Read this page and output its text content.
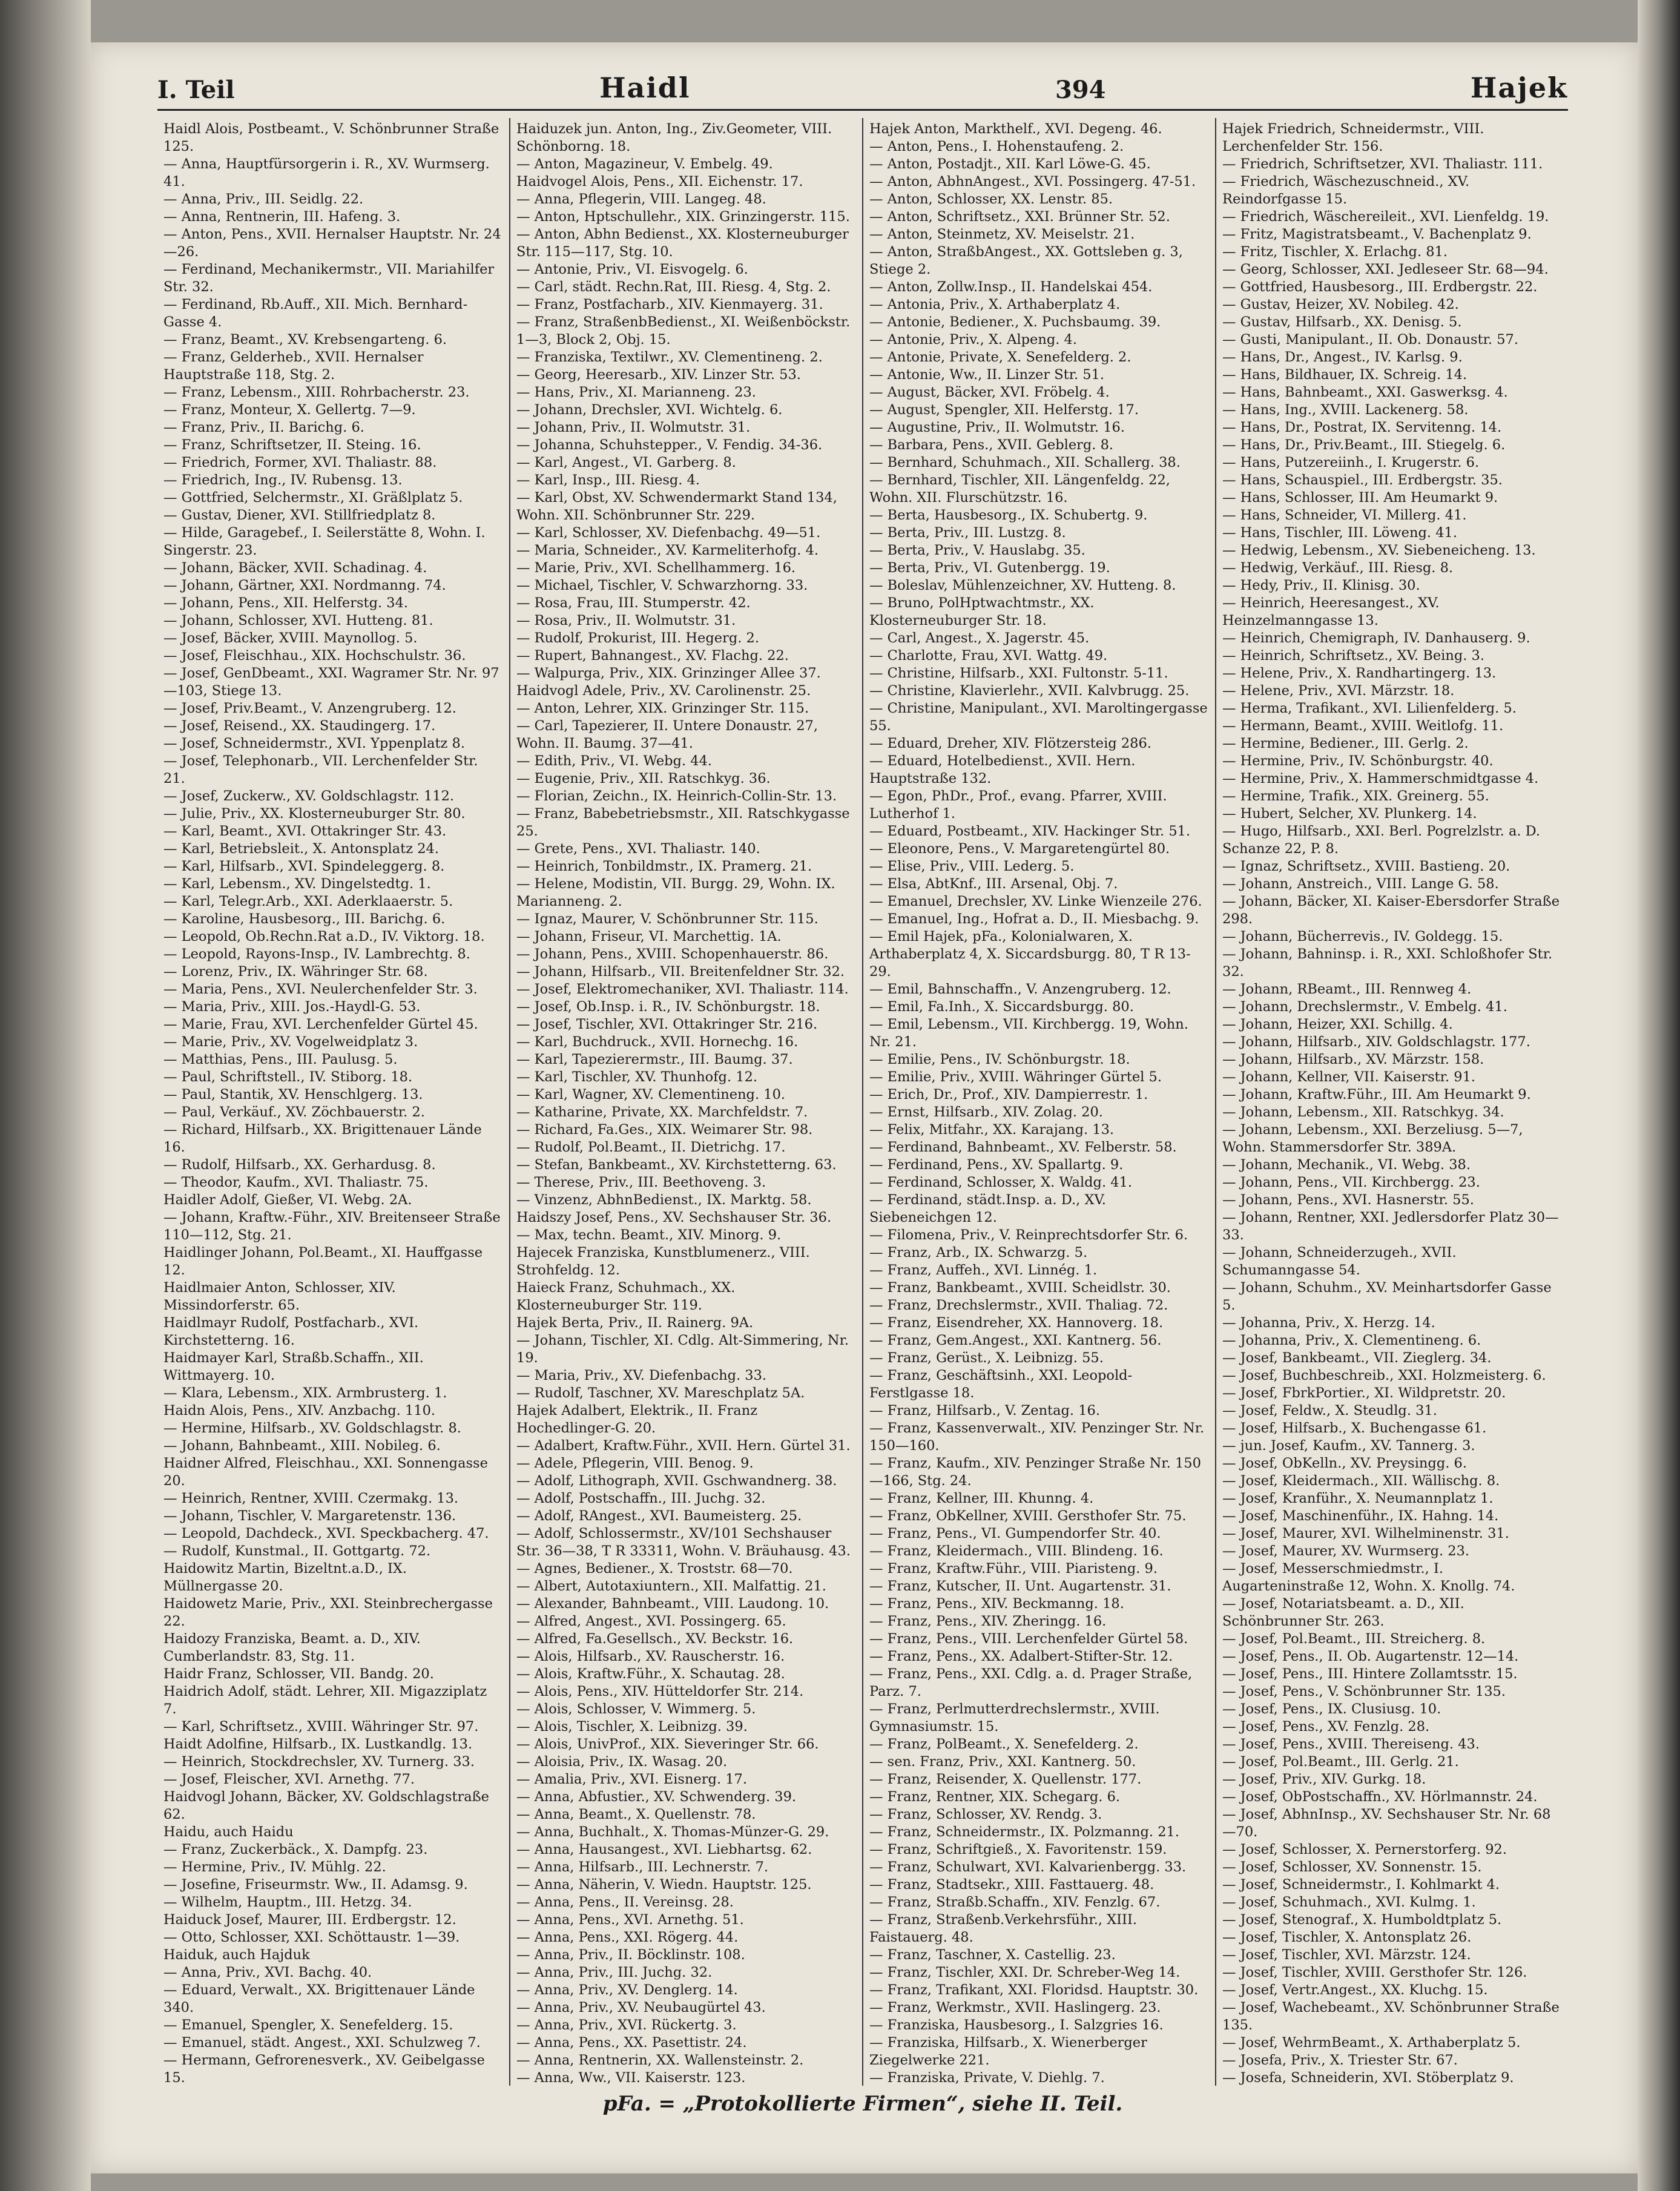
I. Teil	Haidl	394	Hajek

Haidl Alois, Postbeamt., V. Schönbrunner Straße 125.

— Anna, Hauptfürsorgerin i. R., XV. Wurmserg. 41.

— Anna, Priv., III. Seidlg. 22.

— Anna, Rentnerin, III. Hafeng. 3.

— Anton, Pens., XVII. Hernalser Hauptstr. Nr. 24—26.

— Ferdinand, Mechanikermstr., VII. Mariahilfer Str. 32.

— Ferdinand, Rb.Auff., XII. Mich. Bernhard-Gasse 4.

— Franz, Beamt., XV. Krebsengarteng. 6.

— Franz, Gelderheb., XVII. Hernalser Hauptstraße 118, Stg. 2.

— Franz, Lebensm., XIII. Rohrbacherstr. 23.

— Franz, Monteur, X. Gellertg. 7—9.

— Franz, Priv., II. Barichg. 6.

— Franz, Schriftsetzer, II. Steing. 16.

— Friedrich, Former, XVI. Thaliastr. 88.

— Friedrich, Ing., IV. Rubensg. 13.

— Gottfried, Selchermstr., XI. Gräßlplatz 5.

— Gustav, Diener, XVI. Stillfriedplatz 8.

— Hilde, Garagebef., I. Seilerstätte 8, Wohn. I. Singerstr. 23.

— Johann, Bäcker, XVII. Schadinag. 4.

— Johann, Gärtner, XXI. Nordmanng. 74.

— Johann, Pens., XII. Helferstg. 34.

— Johann, Schlosser, XVI. Hutteng. 81.

— Josef, Bäcker, XVIII. Maynollog. 5.

— Josef, Fleischhau., XIX. Hochschulstr. 36.

— Josef, GenDbeamt., XXI. Wagramer Str. Nr. 97—103, Stiege 13.

— Josef, Priv.Beamt., V. Anzengruberg. 12.

— Josef, Reisend., XX. Staudingerg. 17.

— Josef, Schneidermstr., XVI. Yppenplatz 8.

— Josef, Telephonarb., VII. Lerchenfelder Str. 21.

— Josef, Zuckerw., XV. Goldschlagstr. 112.

— Julie, Priv., XX. Klosterneuburger Str. 80.

— Karl, Beamt., XVI. Ottakringer Str. 43.

— Karl, Betriebsleit., X. Antonsplatz 24.

— Karl, Hilfsarb., XVI. Spindeleggerg. 8.

— Karl, Lebensm., XV. Dingelstedtg. 1.

— Karl, Telegr.Arb., XXI. Aderklaaerstr. 5.

— Karoline, Hausbesorg., III. Barichg. 6.

— Leopold, Ob.Rechn.Rat a.D., IV. Viktorg. 18.

— Leopold, Rayons-Insp., IV. Lambrechtg. 8.

— Lorenz, Priv., IX. Währinger Str. 68.

— Maria, Pens., XVI. Neulerchenfelder Str. 3.

— Maria, Priv., XIII. Jos.-Haydl-G. 53.

— Marie, Frau, XVI. Lerchenfelder Gürtel 45.

— Marie, Priv., XV. Vogelweidplatz 3.

— Matthias, Pens., III. Paulusg. 5.

— Paul, Schriftstell., IV. Stiborg. 18.

— Paul, Stantik, XV. Henschlgerg. 13.

— Paul, Verkäuf., XV. Zöchbauerstr. 2.

— Richard, Hilfsarb., XX. Brigittenauer Lände 16.

— Rudolf, Hilfsarb., XX. Gerhardusg. 8.

— Theodor, Kaufm., XVI. Thaliastr. 75.

Haidler Adolf, Gießer, VI. Webg. 2A.

— Johann, Kraftw.-Führ., XIV. Breitenseer Straße 110—112, Stg. 21.

Haidlinger Johann, Pol.Beamt., XI. Hauffgasse 12.

Haidlmaier Anton, Schlosser, XIV. Missindorferstr. 65.

Haidlmayr Rudolf, Postfacharb., XVI. Kirchstetterng. 16.

Haidmayer Karl, Straßb.Schaffn., XII. Wittmayerg. 10.

— Klara, Lebensm., XIX. Armbrusterg. 1.

Haidn Alois, Pens., XIV. Anzbachg. 110.

— Hermine, Hilfsarb., XV. Goldschlagstr. 8.

— Johann, Bahnbeamt., XIII. Nobileg. 6.

Haidner Alfred, Fleischhau., XXI. Sonnengasse 20.

— Heinrich, Rentner, XVIII. Czermakg. 13.

— Johann, Tischler, V. Margaretenstr. 136.

— Leopold, Dachdeck., XVI. Speckbacherg. 47.

— Rudolf, Kunstmal., II. Gottgartg. 72.

Haidowitz Martin, Bizeltnt.a.D., IX. Müllnergasse 20.

Haidowetz Marie, Priv., XXI. Steinbrechergasse 22.

Haidozy Franziska, Beamt. a. D., XIV. Cumberlandstr. 83, Stg. 11.

Haidr Franz, Schlosser, VII. Bandg. 20.

Haidrich Adolf, städt. Lehrer, XII. Migazziplatz 7.

— Karl, Schriftsetz., XVIII. Währinger Str. 97.

Haidt Adolfine, Hilfsarb., IX. Lustkandlg. 13.

— Heinrich, Stockdrechsler, XV. Turnerg. 33.

— Josef, Fleischer, XVI. Arnethg. 77.

Haidvogl Johann, Bäcker, XV. Goldschlagstraße 62.

Haidu, auch Haidu

— Franz, Zuckerbäck., X. Dampfg. 23.

— Hermine, Priv., IV. Mühlg. 22.

— Josefine, Friseurmstr. Ww., II. Adamsg. 9.

— Wilhelm, Hauptm., III. Hetzg. 34.

Haiduck Josef, Maurer, III. Erdbergstr. 12.

— Otto, Schlosser, XXI. Schöttaustr. 1—39.

Haiduk, auch Hajduk

— Anna, Priv., XVI. Bachg. 40.

— Eduard, Verwalt., XX. Brigittenauer Lände 340.

— Emanuel, Spengler, X. Senefelderg. 15.

— Emanuel, städt. Angest., XXI. Schulzweg 7.

— Hermann, Gefrorenesverk., XV. Geibelgasse 15.

Haiduzek jun. Anton, Ing., Ziv.Geometer, VIII. Schönborng. 18.

— Anton, Magazineur, V. Embelg. 49.

Haidvogel Alois, Pens., XII. Eichenstr. 17.

— Anna, Pflegerin, VIII. Langeg. 48.

— Anton, Hptschullehr., XIX. Grinzingerstr. 115.

— Anton, Abhn Bedienst., XX. Klosterneuburger Str. 115—117, Stg. 10.

— Antonie, Priv., VI. Eisvogelg. 6.

— Carl, städt. Rechn.Rat, III. Riesg. 4, Stg. 2.

— Franz, Postfacharb., XIV. Kienmayerg. 31.

— Franz, StraßenbBedienst., XI. Weißenböckstr. 1—3, Block 2, Obj. 15.

— Franziska, Textilwr., XV. Clementineng. 2.

— Georg, Heeresarb., XIV. Linzer Str. 53.

— Hans, Priv., XI. Marianneng. 23.

— Johann, Drechsler, XVI. Wichtelg. 6.

— Johann, Priv., II. Wolmutstr. 31.

— Johanna, Schuhstepper., V. Fendig. 34-36.

— Karl, Angest., VI. Garberg. 8.

— Karl, Insp., III. Riesg. 4.

— Karl, Obst, XV. Schwendermarkt Stand 134, Wohn. XII. Schönbrunner Str. 229.

— Karl, Schlosser, XV. Diefenbachg. 49—51.

— Maria, Schneider., XV. Karmeliterhofg. 4.

— Marie, Priv., XVI. Schellhammerg. 16.

— Michael, Tischler, V. Schwarzhorng. 33.

— Rosa, Frau, III. Stumperstr. 42.

— Rosa, Priv., II. Wolmutstr. 31.

— Rudolf, Prokurist, III. Hegerg. 2.

— Rupert, Bahnangest., XV. Flachg. 22.

— Walpurga, Priv., XIX. Grinzinger Allee 37.

Haidvogl Adele, Priv., XV. Carolinenstr. 25.

— Anton, Lehrer, XIX. Grinzinger Str. 115.

— Carl, Tapezierer, II. Untere Donaustr. 27, Wohn. II. Baumg. 37—41.

— Edith, Priv., VI. Webg. 44.

— Eugenie, Priv., XII. Ratschkyg. 36.

— Florian, Zeichn., IX. Heinrich-Collin-Str. 13.

— Franz, Babebetriebsmstr., XII. Ratschkygasse 25.

— Grete, Pens., XVI. Thaliastr. 140.

— Heinrich, Tonbildmstr., IX. Pramerg. 21.

— Helene, Modistin, VII. Burgg. 29, Wohn. IX. Marianneng. 2.

— Ignaz, Maurer, V. Schönbrunner Str. 115.

— Johann, Friseur, VI. Marchettig. 1A.

— Johann, Pens., XVIII. Schopenhauerstr. 86.

— Johann, Hilfsarb., VII. Breitenfeldner Str. 32.

— Josef, Elektromechaniker, XVI. Thaliastr. 114.

— Josef, Ob.Insp. i. R., IV. Schönburgstr. 18.

— Josef, Tischler, XVI. Ottakringer Str. 216.

— Karl, Buchdruck., XVII. Hornechg. 16.

— Karl, Tapezierermstr., III. Baumg. 37.

— Karl, Tischler, XV. Thunhofg. 12.

— Karl, Wagner, XV. Clementineng. 10.

— Katharine, Private, XX. Marchfeldstr. 7.

— Richard, Fa.Ges., XIX. Weimarer Str. 98.

— Rudolf, Pol.Beamt., II. Dietrichg. 17.

— Stefan, Bankbeamt., XV. Kirchstetterng. 63.

— Therese, Priv., III. Beethoveng. 3.

— Vinzenz, AbhnBedienst., IX. Marktg. 58.

Haidszy Josef, Pens., XV. Sechshauser Str. 36.

— Max, techn. Beamt., XIV. Minorg. 9.

Hajecek Franziska, Kunstblumenerz., VIII. Strohfeldg. 12.

Haieck Franz, Schuhmach., XX. Klosterneuburger Str. 119.

Hajek Berta, Priv., II. Rainerg. 9A.

— Johann, Tischler, XI. Cdlg. Alt-Simmering, Nr. 19.

— Maria, Priv., XV. Diefenbachg. 33.

— Rudolf, Taschner, XV. Mareschplatz 5A.

Hajek Adalbert, Elektrik., II. Franz Hochedlinger-G. 20.

— Adalbert, Kraftw.Führ., XVII. Hern. Gürtel 31.

— Adele, Pflegerin, VIII. Benog. 9.

— Adolf, Lithograph, XVII. Gschwandnerg. 38.

— Adolf, Postschaffn., III. Juchg. 32.

— Adolf, RAngest., XVI. Baumeisterg. 25.

— Adolf, Schlossermstr., XV/101 Sechshauser Str. 36—38, T R 33311, Wohn. V. Bräuhausg. 43.

— Agnes, Bediener., X. Troststr. 68—70.

— Albert, Autotaxiuntern., XII. Malfattig. 21.

— Alexander, Bahnbeamt., VIII. Laudong. 10.

— Alfred, Angest., XVI. Possingerg. 65.

— Alfred, Fa.Gesellsch., XV. Beckstr. 16.

— Alois, Hilfsarb., XV. Rauscherstr. 16.

— Alois, Kraftw.Führ., X. Schautag. 28.

— Alois, Pens., XIV. Hütteldorfer Str. 214.

— Alois, Schlosser, V. Wimmerg. 5.

— Alois, Tischler, X. Leibnizg. 39.

— Alois, UnivProf., XIX. Sieveringer Str. 66.

— Aloisia, Priv., IX. Wasag. 20.

— Amalia, Priv., XVI. Eisnerg. 17.

— Anna, Abfustier., XV. Schwenderg. 39.

— Anna, Beamt., X. Quellenstr. 78.

— Anna, Buchhalt., X. Thomas-Münzer-G. 29.

— Anna, Hausangest., XVI. Liebhartsg. 62.

— Anna, Hilfsarb., III. Lechnerstr. 7.

— Anna, Näherin, V. Wiedn. Hauptstr. 125.

— Anna, Pens., II. Vereinsg. 28.

— Anna, Pens., XVI. Arnethg. 51.

— Anna, Pens., XXI. Rögerg. 44.

— Anna, Priv., II. Böcklinstr. 108.

— Anna, Priv., III. Juchg. 32.

— Anna, Priv., XV. Denglerg. 14.

— Anna, Priv., XV. Neubaugürtel 43.

— Anna, Priv., XVI. Rückertg. 3.

— Anna, Pens., XX. Pasettistr. 24.

— Anna, Rentnerin, XX. Wallensteinstr. 2.

— Anna, Ww., VII. Kaiserstr. 123.

Hajek Anton, Markthelf., XVI. Degeng. 46.

— Anton, Pens., I. Hohenstaufeng. 2.

— Anton, Postadjt., XII. Karl Löwe-G. 45.

— Anton, AbhnAngest., XVI. Possingerg. 47-51.

— Anton, Schlosser, XX. Lenstr. 85.

— Anton, Schriftsetz., XXI. Brünner Str. 52.

— Anton, Steinmetz, XV. Meiselstr. 21.

— Anton, StraßbAngest., XX. Gottsleben g. 3, Stiege 2.

— Anton, Zollw.Insp., II. Handelskai 454.

— Antonia, Priv., X. Arthaberplatz 4.

— Antonie, Bediener., X. Puchsbaumg. 39.

— Antonie, Priv., X. Alpeng. 4.

— Antonie, Private, X. Senefelderg. 2.

— Antonie, Ww., II. Linzer Str. 51.

— August, Bäcker, XVI. Fröbelg. 4.

— August, Spengler, XII. Helferstg. 17.

— Augustine, Priv., II. Wolmutstr. 16.

— Barbara, Pens., XVII. Geblerg. 8.

— Bernhard, Schuhmach., XII. Schallerg. 38.

— Bernhard, Tischler, XII. Längenfeldg. 22, Wohn. XII. Flurschützstr. 16.

— Berta, Hausbesorg., IX. Schubertg. 9.

— Berta, Priv., III. Lustzg. 8.

— Berta, Priv., V. Hauslabg. 35.

— Berta, Priv., VI. Gutenbergg. 19.

— Boleslav, Mühlenzeichner, XV. Hutteng. 8.

— Bruno, PolHptwachtmstr., XX. Klosterneuburger Str. 18.

— Carl, Angest., X. Jagerstr. 45.

— Charlotte, Frau, XVI. Wattg. 49.

— Christine, Hilfsarb., XXI. Fultonstr. 5-11.

— Christine, Klavierlehr., XVII. Kalvbrugg. 25.

— Christine, Manipulant., XVI. Maroltingergasse 55.

— Eduard, Dreher, XIV. Flötzersteig 286.

— Eduard, Hotelbedienst., XVII. Hern. Hauptstraße 132.

— Egon, PhDr., Prof., evang. Pfarrer, XVIII. Lutherhof 1.

— Eduard, Postbeamt., XIV. Hackinger Str. 51.

— Eleonore, Pens., V. Margaretengürtel 80.

— Elise, Priv., VIII. Lederg. 5.

— Elsa, AbtKnf., III. Arsenal, Obj. 7.

— Emanuel, Drechsler, XV. Linke Wienzeile 276.

— Emanuel, Ing., Hofrat a. D., II. Miesbachg. 9.

— Emil Hajek, pFa., Kolonialwaren, X. Arthaberplatz 4, X. Siccardsburgg. 80, T R 13-29.

— Emil, Bahnschaffn., V. Anzengruberg. 12.

— Emil, Fa.Inh., X. Siccardsburgg. 80.

— Emil, Lebensm., VII. Kirchbergg. 19, Wohn. Nr. 21.

— Emilie, Pens., IV. Schönburgstr. 18.

— Emilie, Priv., XVIII. Währinger Gürtel 5.

— Erich, Dr., Prof., XIV. Dampierrestr. 1.

— Ernst, Hilfsarb., XIV. Zolag. 20.

— Felix, Mitfahr., XX. Karajang. 13.

— Ferdinand, Bahnbeamt., XV. Felberstr. 58.

— Ferdinand, Pens., XV. Spallartg. 9.

— Ferdinand, Schlosser, X. Waldg. 41.

— Ferdinand, städt.Insp. a. D., XV. Siebeneichgen 12.

— Filomena, Priv., V. Reinprechtsdorfer Str. 6.

— Franz, Arb., IX. Schwarzg. 5.

— Franz, Auffeh., XVI. Linnég. 1.

— Franz, Bankbeamt., XVIII. Scheidlstr. 30.

— Franz, Drechslermstr., XVII. Thaliag. 72.

— Franz, Eisendreher, XX. Hannoverg. 18.

— Franz, Gem.Angest., XXI. Kantnerg. 56.

— Franz, Gerüst., X. Leibnizg. 55.

— Franz, Geschäftsinh., XXI. Leopold-Ferstlgasse 18.

— Franz, Hilfsarb., V. Zentag. 16.

— Franz, Kassenverwalt., XIV. Penzinger Str. Nr. 150—160.

— Franz, Kaufm., XIV. Penzinger Straße Nr. 150—166, Stg. 24.

— Franz, Kellner, III. Khunng. 4.

— Franz, ObKellner, XVIII. Gersthofer Str. 75.

— Franz, Pens., VI. Gumpendorfer Str. 40.

— Franz, Kleidermach., VIII. Blindeng. 16.

— Franz, Kraftw.Führ., VIII. Piaristeng. 9.

— Franz, Kutscher, II. Unt. Augartenstr. 31.

— Franz, Pens., XIV. Beckmanng. 18.

— Franz, Pens., XIV. Zheringg. 16.

— Franz, Pens., VIII. Lerchenfelder Gürtel 58.

— Franz, Pens., XX. Adalbert-Stifter-Str. 12.

— Franz, Pens., XXI. Cdlg. a. d. Prager Straße, Parz. 7.

— Franz, Perlmutterdrechslermstr., XVIII. Gymnasiumstr. 15.

— Franz, PolBeamt., X. Senefelderg. 2.

— sen. Franz, Priv., XXI. Kantnerg. 50.

— Franz, Reisender, X. Quellenstr. 177.

— Franz, Rentner, XIX. Schegarg. 6.

— Franz, Schlosser, XV. Rendg. 3.

— Franz, Schneidermstr., IX. Polzmanng. 21.

— Franz, Schriftgieß., X. Favoritenstr. 159.

— Franz, Schulwart, XVI. Kalvarienbergg. 33.

— Franz, Stadtsekr., XIII. Fasttauerg. 48.

— Franz, Straßb.Schaffn., XIV. Fenzlg. 67.

— Franz, Straßenb.Verkehrsführ., XIII. Faistauerg. 48.

— Franz, Taschner, X. Castellig. 23.

— Franz, Tischler, XXI. Dr. Schreber-Weg 14.

— Franz, Trafikant, XXI. Floridsd. Hauptstr. 30.

— Franz, Werkmstr., XVII. Haslingerg. 23.

— Franziska, Hausbesorg., I. Salzgries 16.

— Franziska, Hilfsarb., X. Wienerberger Ziegelwerke 221.

— Franziska, Private, V. Diehlg. 7.

Hajek Friedrich, Schneidermstr., VIII. Lerchenfelder Str. 156.

— Friedrich, Schriftsetzer, XVI. Thaliastr. 111.

— Friedrich, Wäschezuschneid., XV. Reindorfgasse 15.

— Friedrich, Wäschereileit., XVI. Lienfeldg. 19.

— Fritz, Magistratsbeamt., V. Bachenplatz 9.

— Fritz, Tischler, X. Erlachg. 81.

— Georg, Schlosser, XXI. Jedleseer Str. 68—94.

— Gottfried, Hausbesorg., III. Erdbergstr. 22.

— Gustav, Heizer, XV. Nobileg. 42.

— Gustav, Hilfsarb., XX. Denisg. 5.

— Gusti, Manipulant., II. Ob. Donaustr. 57.

— Hans, Dr., Angest., IV. Karlsg. 9.

— Hans, Bildhauer, IX. Schreig. 14.

— Hans, Bahnbeamt., XXI. Gaswerksg. 4.

— Hans, Ing., XVIII. Lackenerg. 58.

— Hans, Dr., Postrat, IX. Servitenng. 14.

— Hans, Dr., Priv.Beamt., III. Stiegelg. 6.

— Hans, Putzereiinh., I. Krugerstr. 6.

— Hans, Schauspiel., III. Erdbergstr. 35.

— Hans, Schlosser, III. Am Heumarkt 9.

— Hans, Schneider, VI. Millerg. 41.

— Hans, Tischler, III. Löweng. 41.

— Hedwig, Lebensm., XV. Siebeneicheng. 13.

— Hedwig, Verkäuf., III. Riesg. 8.

— Hedy, Priv., II. Klinisg. 30.

— Heinrich, Heeresangest., XV. Heinzelmanngasse 13.

— Heinrich, Chemigraph, IV. Danhauserg. 9.

— Heinrich, Schriftsetz., XV. Being. 3.

— Helene, Priv., X. Randhartingerg. 13.

— Helene, Priv., XVI. Märzstr. 18.

— Herma, Trafikant., XVI. Lilienfelderg. 5.

— Hermann, Beamt., XVIII. Weitlofg. 11.

— Hermine, Bediener., III. Gerlg. 2.

— Hermine, Priv., IV. Schönburgstr. 40.

— Hermine, Priv., X. Hammerschmidtgasse 4.

— Hermine, Trafik., XIX. Greinerg. 55.

— Hubert, Selcher, XV. Plunkerg. 14.

— Hugo, Hilfsarb., XXI. Berl. Pogrelzlstr. a. D. Schanze 22, P. 8.

— Ignaz, Schriftsetz., XVIII. Bastieng. 20.

— Johann, Anstreich., VIII. Lange G. 58.

— Johann, Bäcker, XI. Kaiser-Ebersdorfer Straße 298.

— Johann, Bücherrevis., IV. Goldegg. 15.

— Johann, Bahninsp. i. R., XXI. Schloßhofer Str. 32.

— Johann, RBeamt., III. Rennweg 4.

— Johann, Drechslermstr., V. Embelg. 41.

— Johann, Heizer, XXI. Schillg. 4.

— Johann, Hilfsarb., XIV. Goldschlagstr. 177.

— Johann, Hilfsarb., XV. Märzstr. 158.

— Johann, Kellner, VII. Kaiserstr. 91.

— Johann, Kraftw.Führ., III. Am Heumarkt 9.

— Johann, Lebensm., XII. Ratschkyg. 34.

— Johann, Lebensm., XXI. Berzeliusg. 5—7, Wohn. Stammersdorfer Str. 389A.

— Johann, Mechanik., VI. Webg. 38.

— Johann, Pens., VII. Kirchbergg. 23.

— Johann, Pens., XVI. Hasnerstr. 55.

— Johann, Rentner, XXI. Jedlersdorfer Platz 30—33.

— Johann, Schneiderzugeh., XVII. Schumanngasse 54.

— Johann, Schuhm., XV. Meinhartsdorfer Gasse 5.

— Johanna, Priv., X. Herzg. 14.

— Johanna, Priv., X. Clementineng. 6.

— Josef, Bankbeamt., VII. Zieglerg. 34.

— Josef, Buchbeschreib., XXI. Holzmeisterg. 6.

— Josef, FbrkPortier., XI. Wildpretstr. 20.

— Josef, Feldw., X. Steudlg. 31.

— Josef, Hilfsarb., X. Buchengasse 61.

— jun. Josef, Kaufm., XV. Tannerg. 3.

— Josef, ObKelln., XV. Preysingg. 6.

— Josef, Kleidermach., XII. Wällischg. 8.

— Josef, Kranführ., X. Neumannplatz 1.

— Josef, Maschinenführ., IX. Hahng. 14.

— Josef, Maurer, XVI. Wilhelminenstr. 31.

— Josef, Maurer, XV. Wurmserg. 23.

— Josef, Messerschmiedmstr., I. Augarteninstraße 12, Wohn. X. Knollg. 74.

— Josef, Notariatsbeamt. a. D., XII. Schönbrunner Str. 263.

— Josef, Pol.Beamt., III. Streicherg. 8.

— Josef, Pens., II. Ob. Augartenstr. 12—14.

— Josef, Pens., III. Hintere Zollamtsstr. 15.

— Josef, Pens., V. Schönbrunner Str. 135.

— Josef, Pens., IX. Clusiusg. 10.

— Josef, Pens., XV. Fenzlg. 28.

— Josef, Pens., XVIII. Thereiseng. 43.

— Josef, Pol.Beamt., III. Gerlg. 21.

— Josef, Priv., XIV. Gurkg. 18.

— Josef, ObPostschaffn., XV. Hörlmannstr. 24.

— Josef, AbhnInsp., XV. Sechshauser Str. Nr. 68—70.

— Josef, Schlosser, X. Pernerstorferg. 92.

— Josef, Schlosser, XV. Sonnenstr. 15.

— Josef, Schneidermstr., I. Kohlmarkt 4.

— Josef, Schuhmach., XVI. Kulmg. 1.

— Josef, Stenograf., X. Humboldtplatz 5.

— Josef, Tischler, X. Antonsplatz 26.

— Josef, Tischler, XVI. Märzstr. 124.

— Josef, Tischler, XVIII. Gersthofer Str. 126.

— Josef, Vertr.Angest., XX. Kluchg. 15.

— Josef, Wachebeamt., XV. Schönbrunner Straße 135.

— Josef, WehrmBeamt., X. Arthaberplatz 5.

— Josefa, Priv., X. Triester Str. 67.

— Josefa, Schneiderin, XVI. Stöberplatz 9.

pFa. = „Protokollierte Firmen“, siehe II. Teil.
